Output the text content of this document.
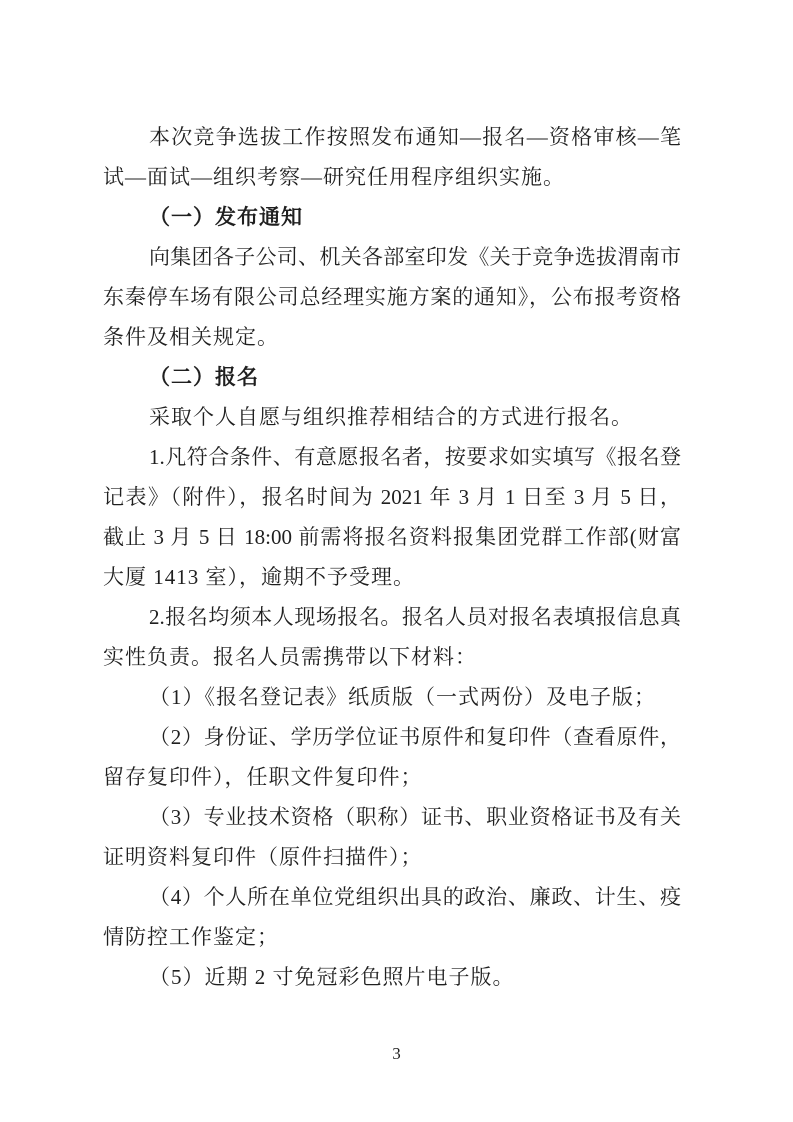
本次竞争选拔工作按照发布通知—报名—资格审核—笔
试—面试—组织考察—研究任用程序组织实施。
（一）发布通知
向集团各子公司、机关各部室印发《关于竞争选拔渭南市
东秦停车场有限公司总经理实施方案的通知》，公布报考资格
条件及相关规定。
（二）报名
采取个人自愿与组织推荐相结合的方式进行报名。
1.凡符合条件、有意愿报名者，按要求如实填写《报名登
记表》（附件），报名时间为 2021 年 3 月 1 日至 3 月 5 日，
截止 3 月 5 日 18:00 前需将报名资料报集团党群工作部(财富
大厦 1413 室），逾期不予受理。
2.报名均须本人现场报名。报名人员对报名表填报信息真
实性负责。报名人员需携带以下材料：
（1）《报名登记表》纸质版（一式两份）及电子版；
（2）身份证、学历学位证书原件和复印件（查看原件，
留存复印件），任职文件复印件；
（3）专业技术资格（职称）证书、职业资格证书及有关
证明资料复印件（原件扫描件）；
（4）个人所在单位党组织出具的政治、廉政、计生、疫
情防控工作鉴定；
（5）近期 2 寸免冠彩色照片电子版。
3
